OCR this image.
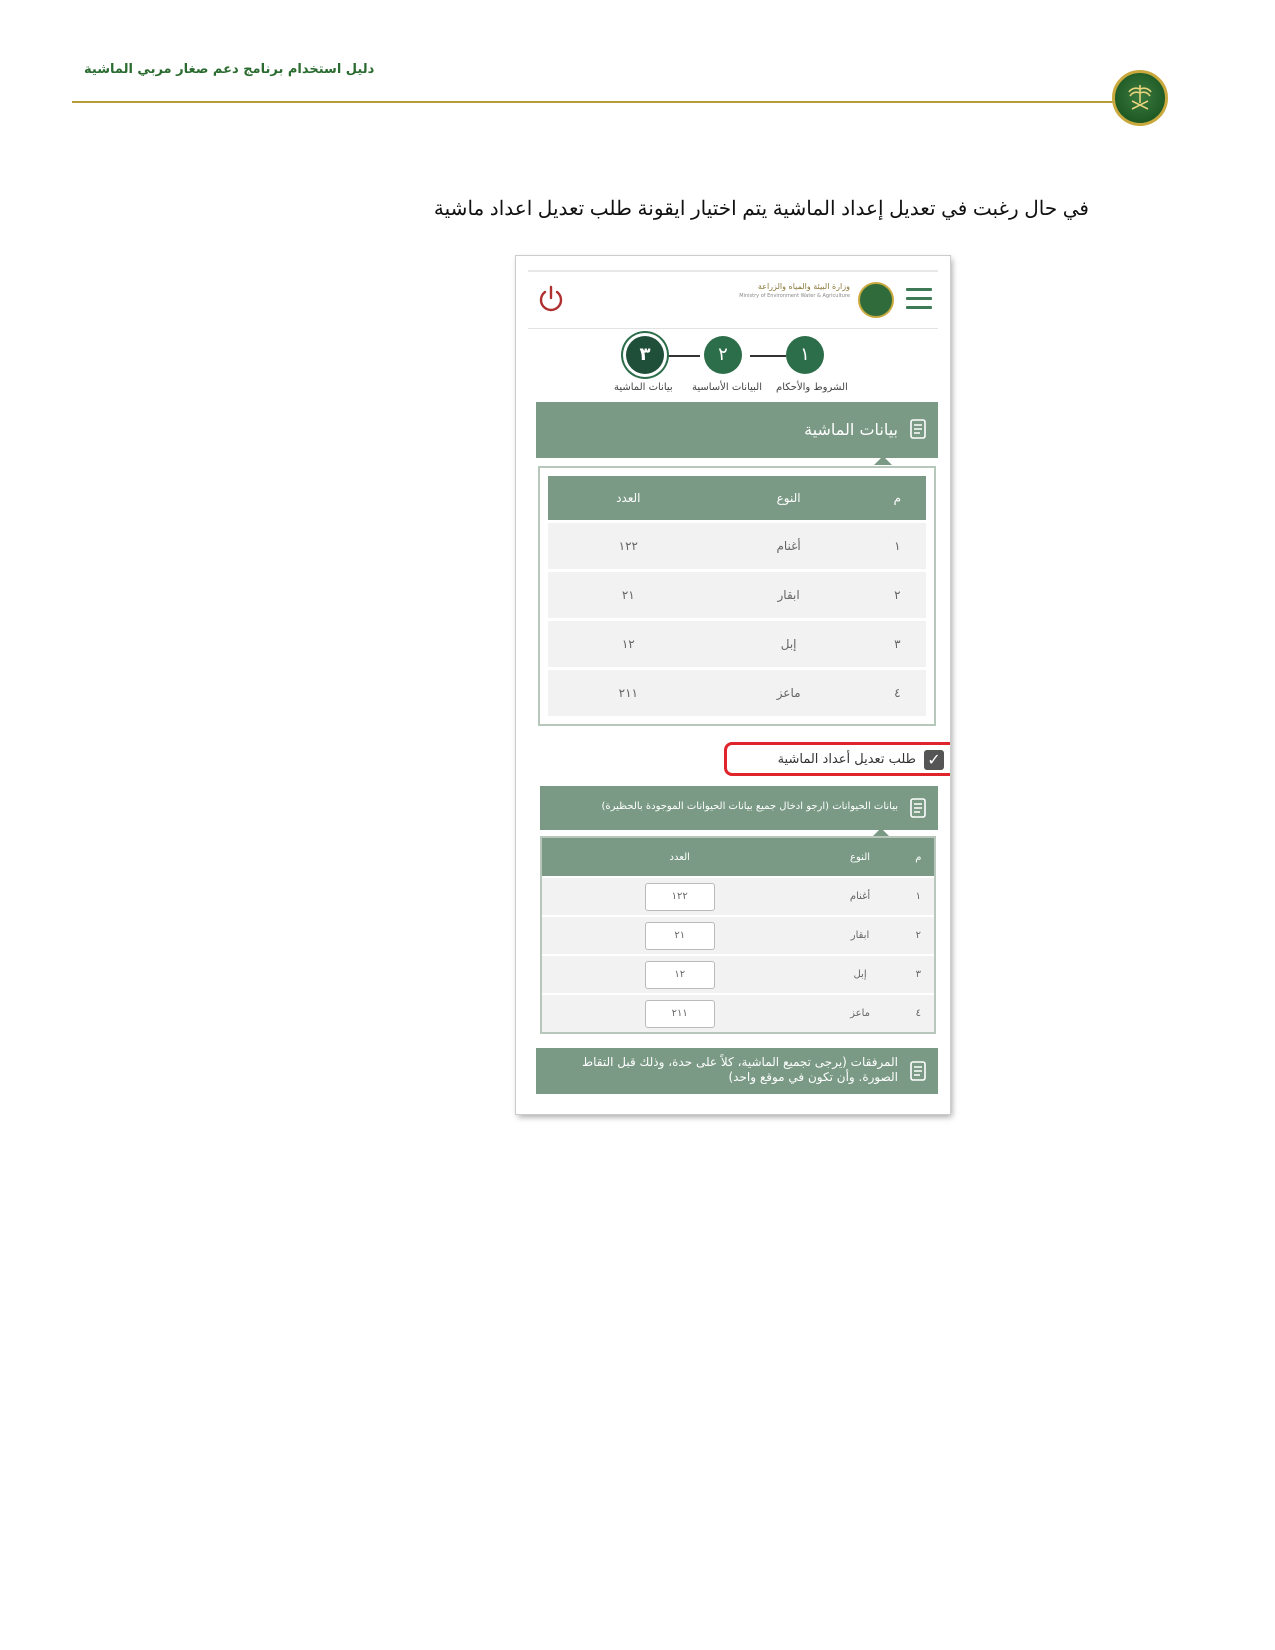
دليل استخدام برنامج دعم صغار مربي الماشية
في حال رغبت في تعديل إعداد الماشية يتم اختيار ايقونة طلب تعديل اعداد ماشية
وزارة البيئة والمياه والزراعة
Ministry of Environment Water & Agriculture
١
٢
٣
الشروط والأحكام
البيانات الأساسية
بيانات الماشية
بيانات الماشية
م	النوع	العدد
١	أغنام	١٢٢
٢	ابقار	٢١
٣	إبل	١٢
٤	ماعز	٢١١
✓
طلب تعديل أعداد الماشية
بيانات الحيوانات (ارجو ادخال جميع بيانات الحيوانات الموجودة بالحظيرة)
م	النوع	العدد
١	أغنام	١٢٢
٢	ابقار	٢١
٣	إبل	١٢
٤	ماعز	٢١١
المرفقات (يرجى تجميع الماشية، كلاً على حدة، وذلك قبل التقاط الصورة. وأن تكون في موقع واحد)
